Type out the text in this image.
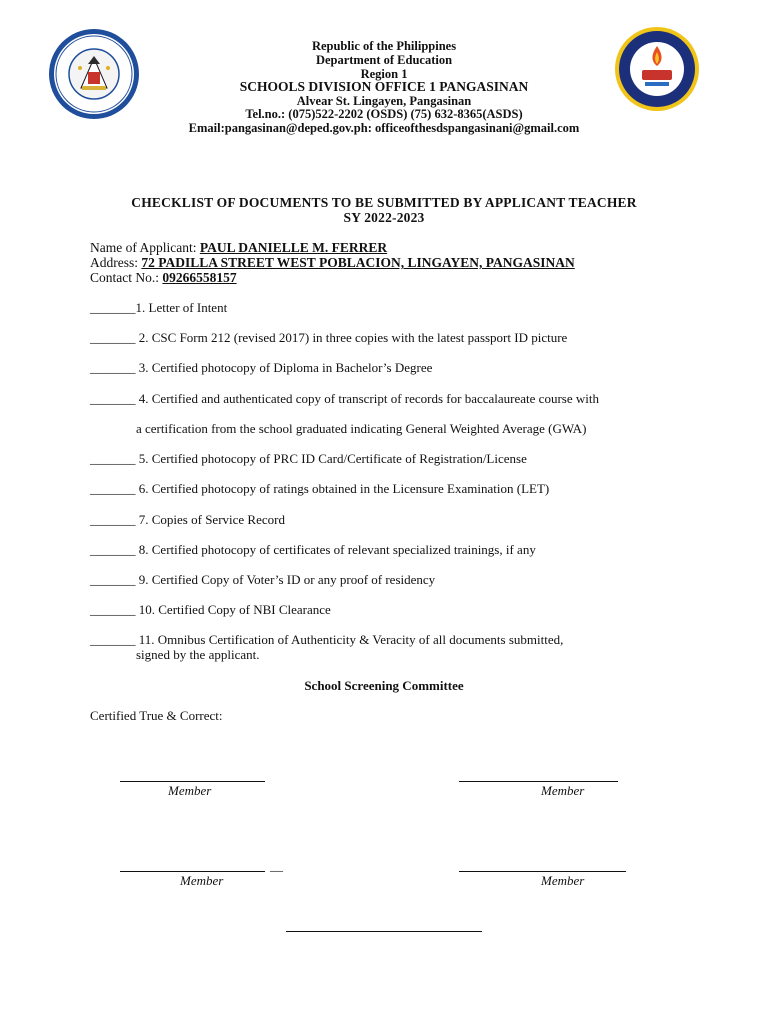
Republic of the Philippines
Department of Education
Region 1
SCHOOLS DIVISION OFFICE 1 PANGASINAN
Alvear St. Lingayen, Pangasinan
Tel.no.: (075)522-2202 (OSDS) (75) 632-8365(ASDS)
Email:pangasinan@deped.gov.ph: officeofthesdspangasinani@gmail.com
CHECKLIST OF DOCUMENTS TO BE SUBMITTED BY APPLICANT TEACHER
SY 2022-2023
Name of Applicant: PAUL DANIELLE M. FERRER
Address: 72 PADILLA STREET WEST POBLACION, LINGAYEN, PANGASINAN
Contact No.: 09266558157
_______1. Letter of Intent
_______ 2. CSC Form 212 (revised 2017) in three copies with the latest passport ID picture
_______ 3. Certified photocopy of Diploma in Bachelor’s Degree
_______ 4. Certified and authenticated copy of transcript of records for baccalaureate course with
a certification from the school graduated indicating General Weighted Average (GWA)
_______ 5. Certified photocopy of PRC ID Card/Certificate of Registration/License
_______ 6. Certified photocopy of ratings obtained in the Licensure Examination (LET)
_______ 7. Copies of Service Record
_______ 8. Certified photocopy of certificates of relevant specialized trainings, if any
_______ 9. Certified Copy of Voter’s ID or any proof of residency
_______ 10. Certified Copy of NBI Clearance
_______ 11. Omnibus Certification of Authenticity & Veracity of all documents submitted,
signed by the applicant.
School Screening Committee
Certified True & Correct:
Member	Member
__
Member	Member
